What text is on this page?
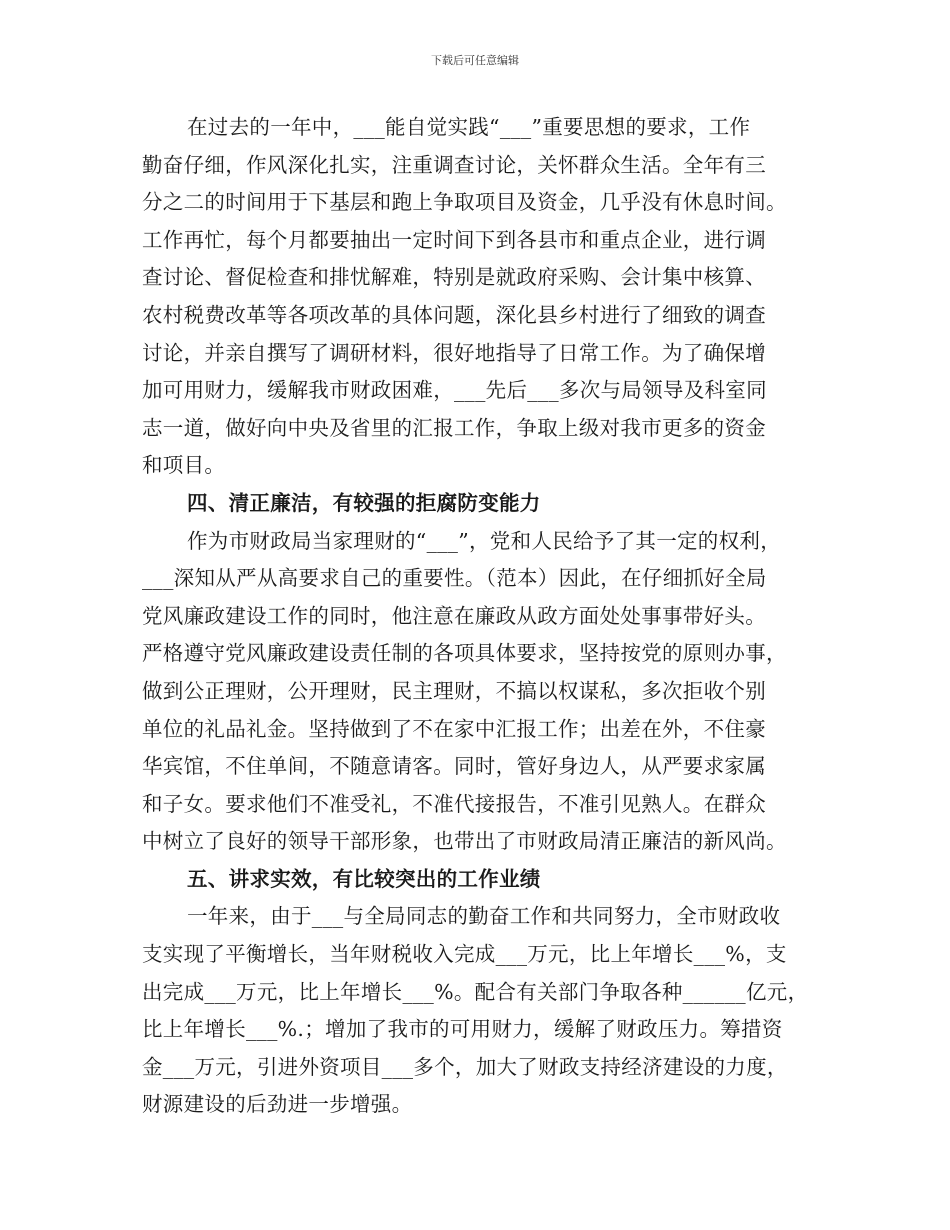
下载后可任意编辑
在过去的一年中，___能自觉实践“___”重要思想的要求，工作
勤奋仔细，作风深化扎实，注重调查讨论，关怀群众生活。全年有三
分之二的时间用于下基层和跑上争取项目及资金，几乎没有休息时间。
工作再忙，每个月都要抽出一定时间下到各县市和重点企业，进行调
查讨论、督促检查和排忧解难，特别是就政府采购、会计集中核算、
农村税费改革等各项改革的具体问题，深化县乡村进行了细致的调查
讨论，并亲自撰写了调研材料，很好地指导了日常工作。为了确保增
加可用财力，缓解我市财政困难，___先后___多次与局领导及科室同
志一道，做好向中央及省里的汇报工作，争取上级对我市更多的资金
和项目。
四、清正廉洁，有较强的拒腐防变能力
作为市财政局当家理财的“___”，党和人民给予了其一定的权利，
___深知从严从高要求自己的重要性。（范本）因此，在仔细抓好全局
党风廉政建设工作的同时，他注意在廉政从政方面处处事事带好头。
严格遵守党风廉政建设责任制的各项具体要求，坚持按党的原则办事，
做到公正理财，公开理财，民主理财，不搞以权谋私，多次拒收个别
单位的礼品礼金。坚持做到了不在家中汇报工作；出差在外，不住豪
华宾馆，不住单间，不随意请客。同时，管好身边人，从严要求家属
和子女。要求他们不准受礼，不准代接报告，不准引见熟人。在群众
中树立了良好的领导干部形象，也带出了市财政局清正廉洁的新风尚。
五、讲求实效，有比较突出的工作业绩
一年来，由于___与全局同志的勤奋工作和共同努力，全市财政收
支实现了平衡增长，当年财税收入完成___万元，比上年增长___%，支
出完成___万元，比上年增长___%。配合有关部门争取各种______亿元，
比上年增长___%.；增加了我市的可用财力，缓解了财政压力。筹措资
金___万元，引进外资项目___多个，加大了财政支持经济建设的力度，
财源建设的后劲进一步增强。
